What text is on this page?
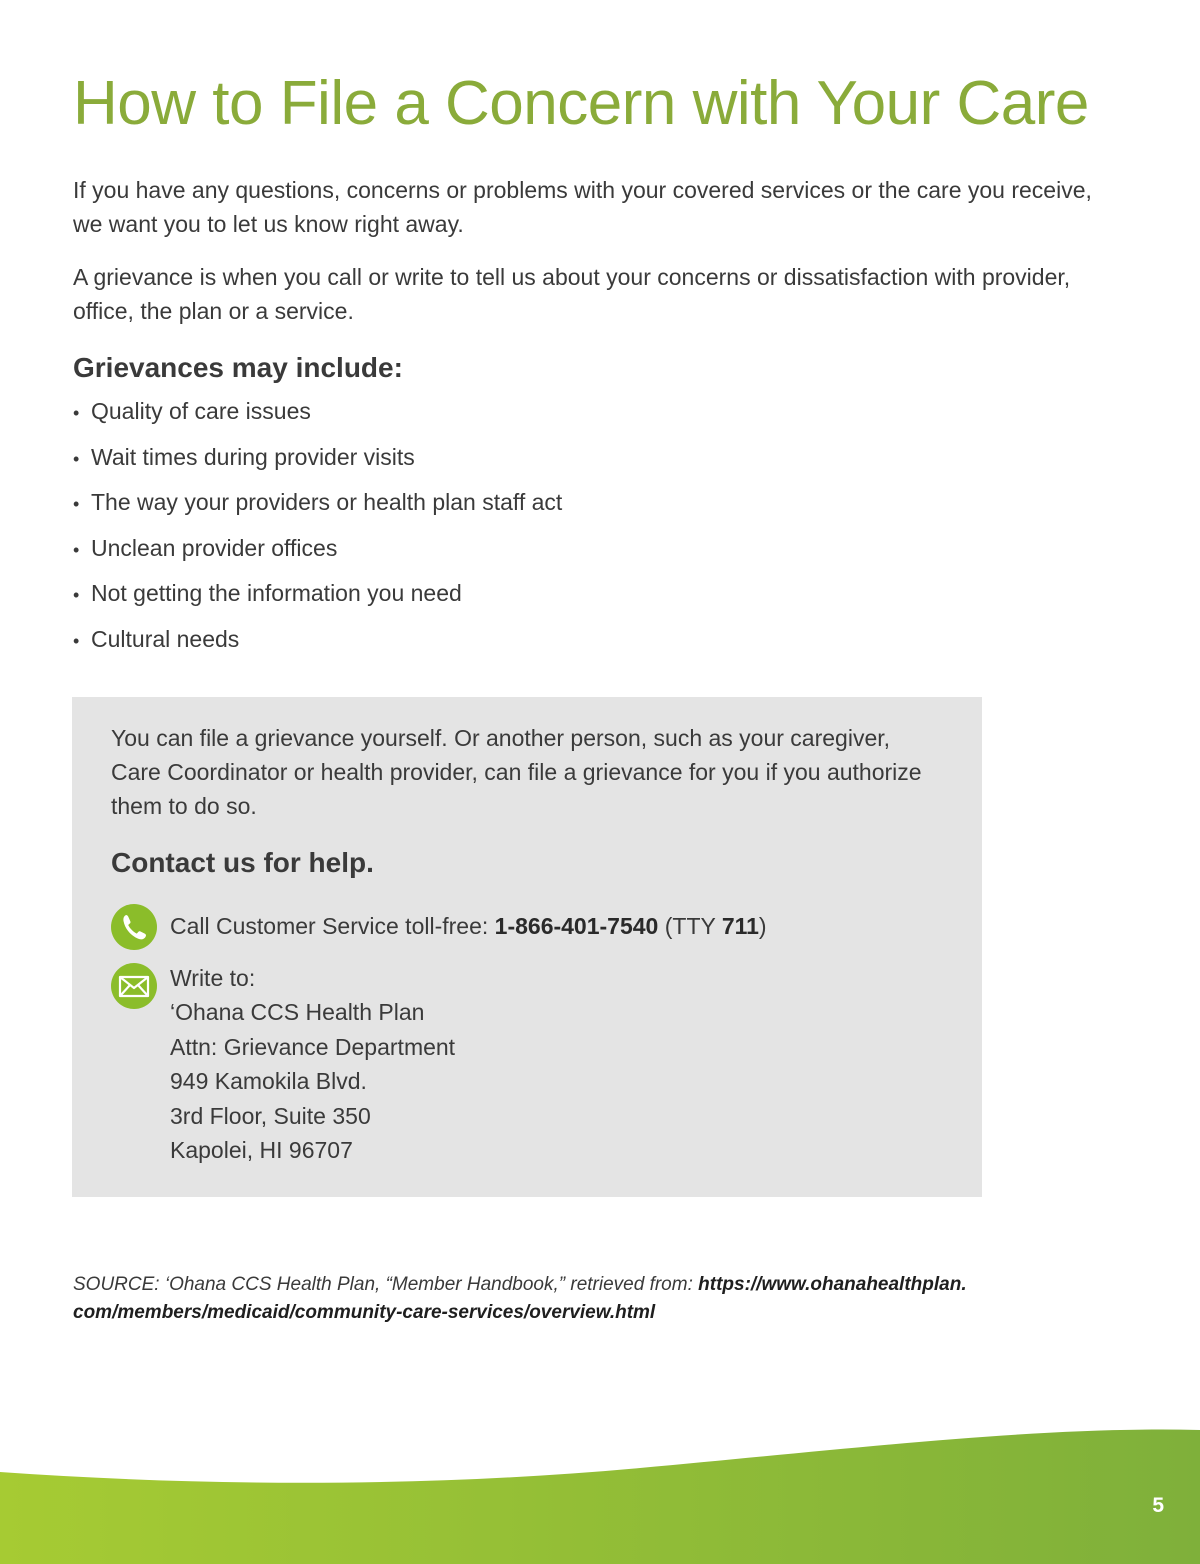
How to File a Concern with Your Care

If you have any questions, concerns or problems with your covered services or the care you receive, we want you to let us know right away.

A grievance is when you call or write to tell us about your concerns or dissatisfaction with provider, office, the plan or a service.

Grievances may include:
• Quality of care issues
• Wait times during provider visits
• The way your providers or health plan staff act
• Unclean provider offices
• Not getting the information you need
• Cultural needs

You can file a grievance yourself. Or another person, such as your caregiver, Care Coordinator or health provider, can file a grievance for you if you authorize them to do so.

Contact us for help.

Call Customer Service toll-free: 1-866-401-7540 (TTY 711)

Write to:
‘Ohana CCS Health Plan
Attn: Grievance Department
949 Kamokila Blvd.
3rd Floor, Suite 350
Kapolei, HI 96707

SOURCE: ‘Ohana CCS Health Plan, “Member Handbook,” retrieved from: https://www.ohanahealthplan.
com/members/medicaid/community-care-services/overview.html

5
